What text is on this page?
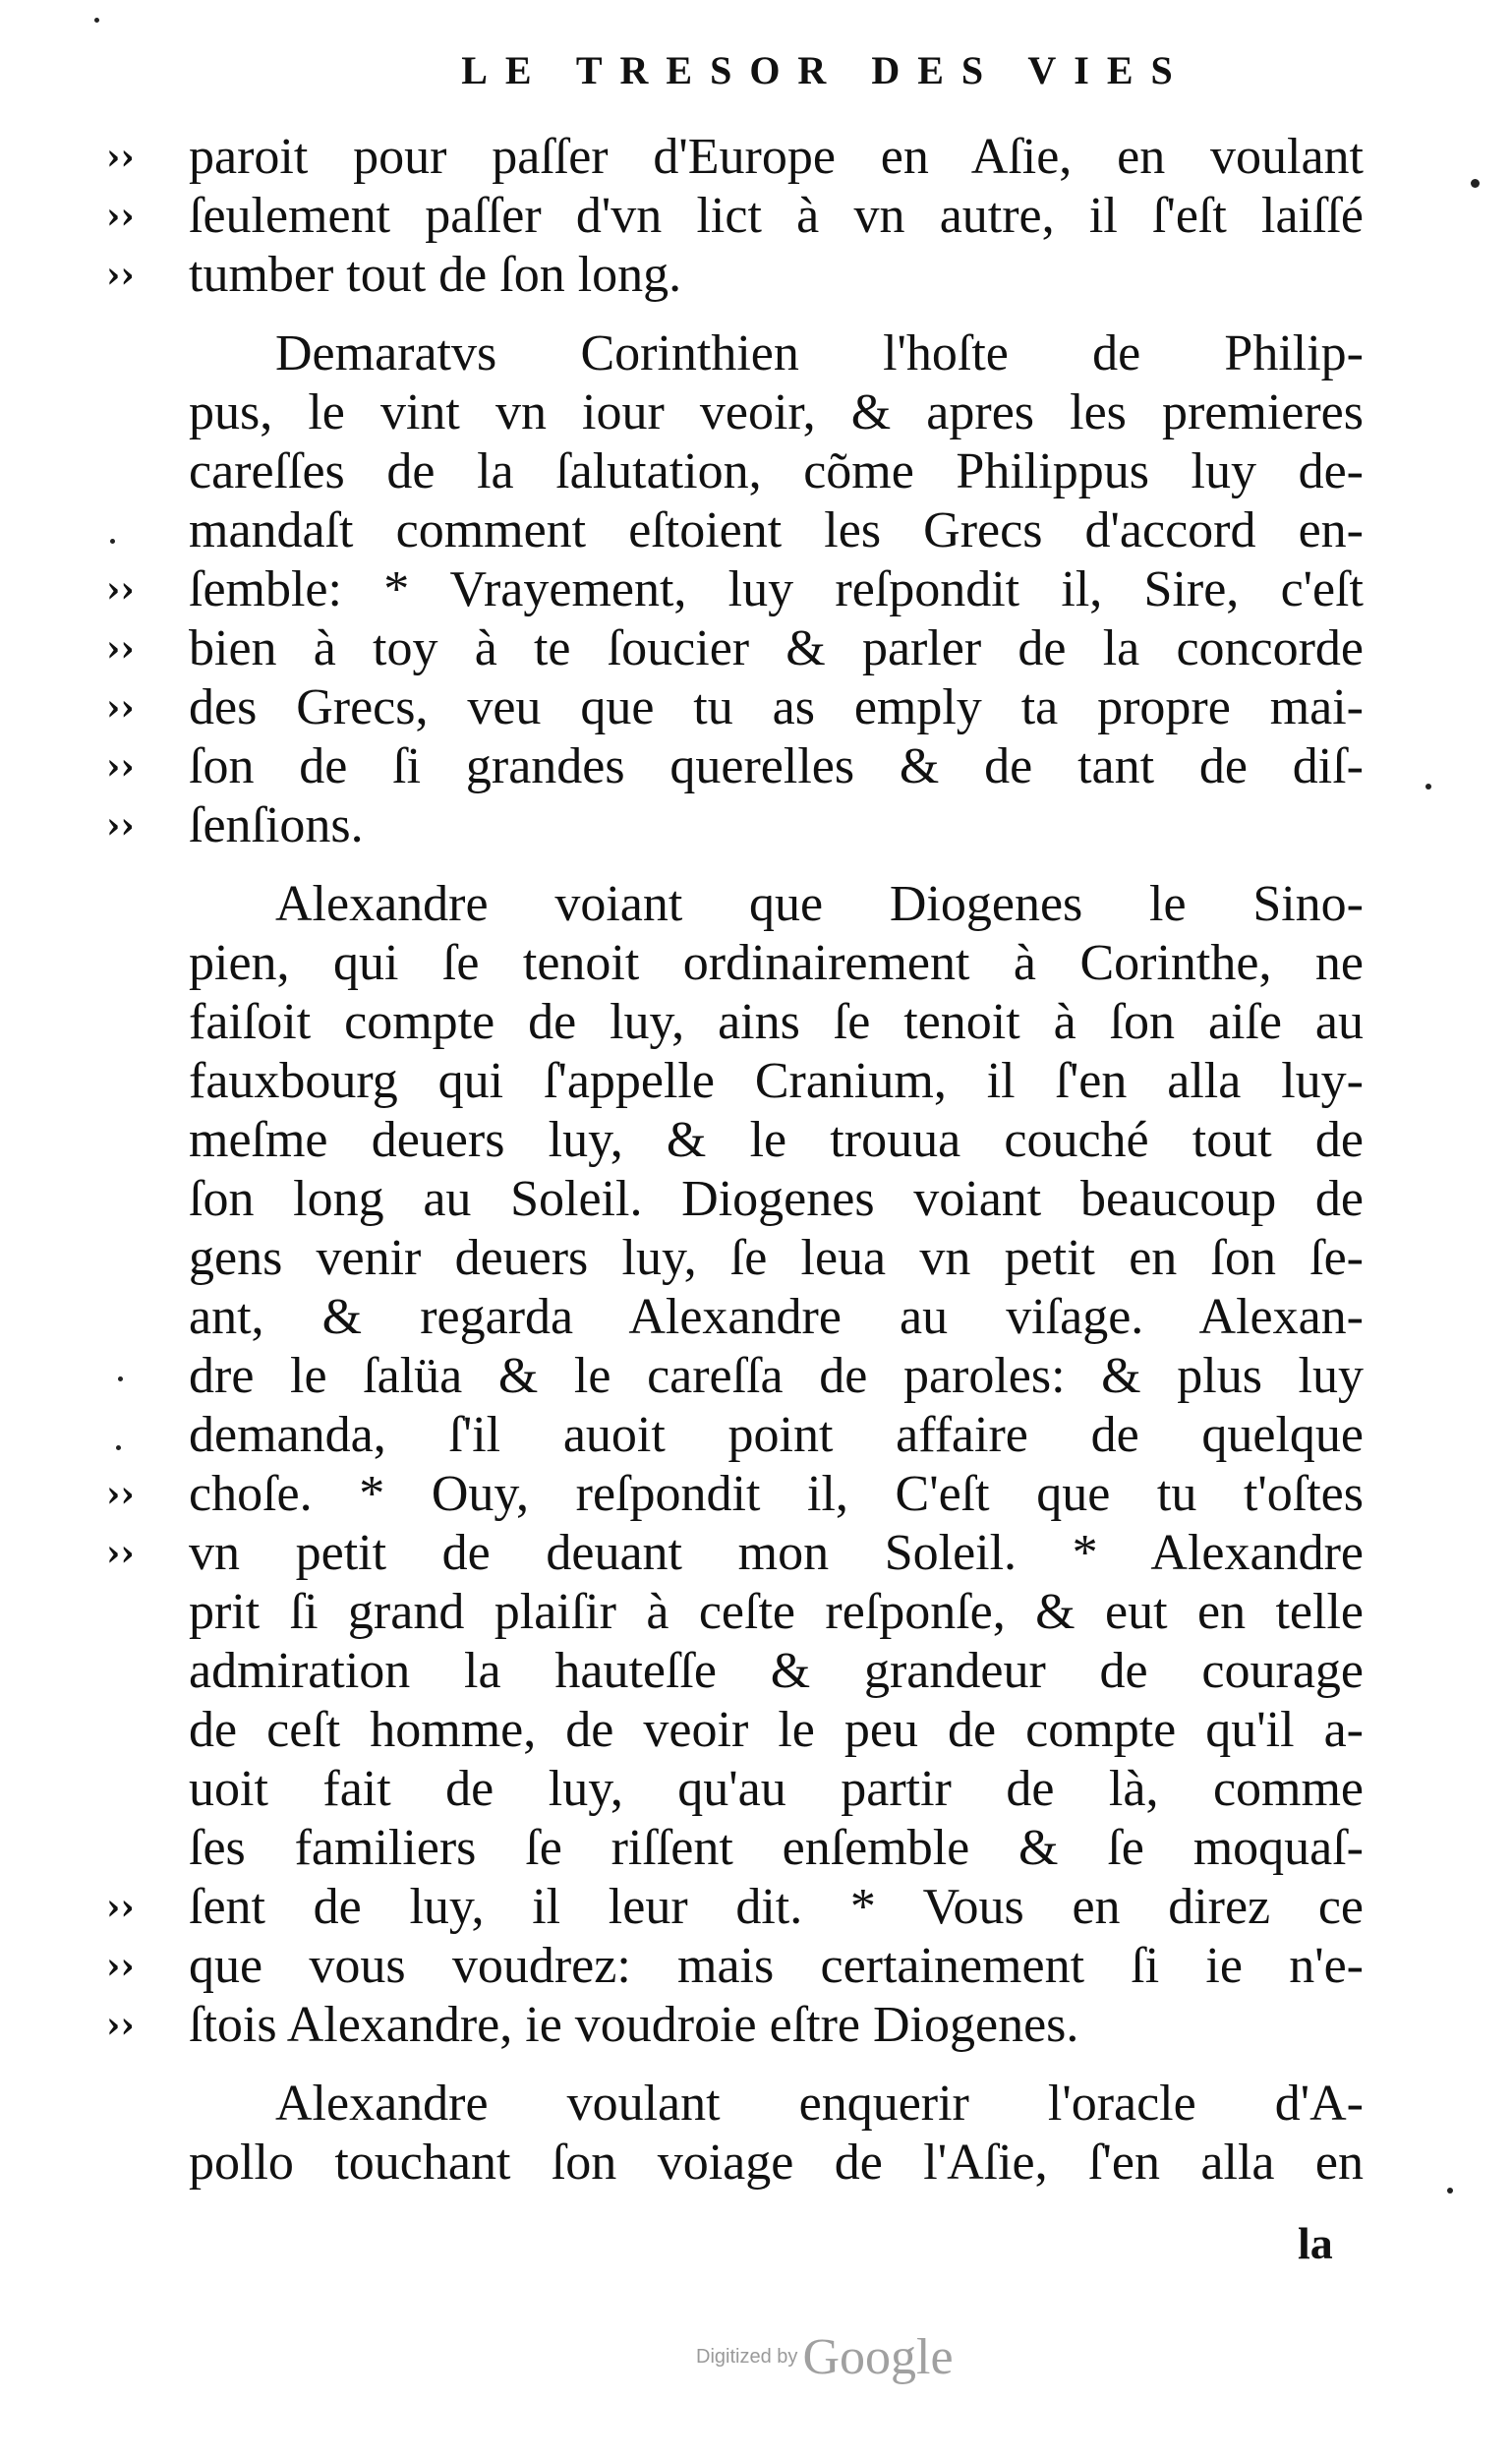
LE TRESOR DES VIES
›› paroit pour paſſer d'Europe en Aſie, en voulant
›› ſeulement paſſer d'vn lict à vn autre, il ſ'eſt laiſſé
›› tumber tout de ſon long.
Demaratvs Corinthien l'hoſte de Philip-
pus, le vint vn iour veoir, & apres les premieres
careſſes de la ſalutation, cõme Philippus luy de-
mandaſt comment eſtoient les Grecs d'accord en-
›› ſemble: * Vrayement, luy reſpondit il, Sire, c'eſt
›› bien à toy à te ſoucier & parler de la concorde
›› des Grecs, veu que tu as emply ta propre mai-
›› ſon de ſi grandes querelles & de tant de diſ-
›› ſenſions.
Alexandre voiant que Diogenes le Sino-
pien, qui ſe tenoit ordinairement à Corinthe, ne
faiſoit compte de luy, ains ſe tenoit à ſon aiſe au
fauxbourg qui ſ'appelle Cranium, il ſ'en alla luy-
meſme deuers luy, & le trouua couché tout de
ſon long au Soleil. Diogenes voiant beaucoup de
gens venir deuers luy, ſe leua vn petit en ſon ſe-
ant, & regarda Alexandre au viſage. Alexan-
dre le ſalüa & le careſſa de paroles: & plus luy
demanda, ſ'il auoit point affaire de quelque
›› choſe. * Ouy, reſpondit il, C'eſt que tu t'oſtes
›› vn petit de deuant mon Soleil. * Alexandre
prit ſi grand plaiſir à ceſte reſponſe, & eut en telle
admiration la hauteſſe & grandeur de courage
de ceſt homme, de veoir le peu de compte qu'il a-
uoit fait de luy, qu'au partir de là, comme
ſes familiers ſe riſſent enſemble & ſe moquaſ-
›› ſent de luy, il leur dit. * Vous en direz ce
›› que vous voudrez: mais certainement ſi ie n'e-
›› ſtois Alexandre, ie voudroie eſtre Diogenes.
Alexandre voulant enquerir l'oracle d'A-
pollo touchant ſon voiage de l'Aſie, ſ'en alla en
la
Digitized by Google
